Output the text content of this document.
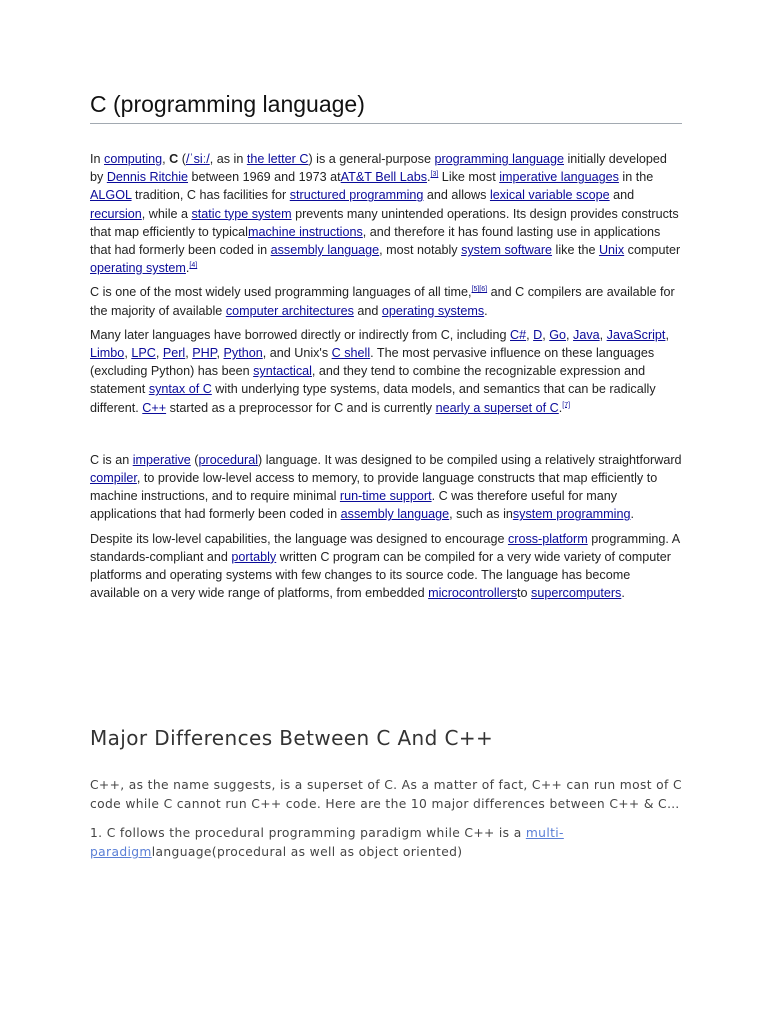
C (programming language)

In computing, C (/ˈsiː/, as in the letter C) is a general-purpose programming language initially developed by Dennis Ritchie between 1969 and 1973 atAT&T Bell Labs.[3] Like most imperative languages in the ALGOL tradition, C has facilities for structured programming and allows lexical variable scope and recursion, while a static type system prevents many unintended operations. Its design provides constructs that map efficiently to typicalmachine instructions, and therefore it has found lasting use in applications that had formerly been coded in assembly language, most notably system software like the Unix computer operating system.[4]

C is one of the most widely used programming languages of all time,[5][6] and C compilers are available for the majority of available computer architectures and operating systems.

Many later languages have borrowed directly or indirectly from C, including C#, D, Go, Java, JavaScript, Limbo, LPC, Perl, PHP, Python, and Unix's C shell. The most pervasive influence on these languages (excluding Python) has been syntactical, and they tend to combine the recognizable expression and statement syntax of C with underlying type systems, data models, and semantics that can be radically different. C++ started as a preprocessor for C and is currently nearly a superset of C.[7]

C is an imperative (procedural) language. It was designed to be compiled using a relatively straightforward compiler, to provide low-level access to memory, to provide language constructs that map efficiently to machine instructions, and to require minimal run-time support. C was therefore useful for many applications that had formerly been coded in assembly language, such as insystem programming.

Despite its low-level capabilities, the language was designed to encourage cross-platform programming. A standards-compliant and portably written C program can be compiled for a very wide variety of computer platforms and operating systems with few changes to its source code. The language has become available on a very wide range of platforms, from embedded microcontrollersto supercomputers.

Major Differences Between C And C++

C++, as the name suggests, is a superset of C. As a matter of fact, C++ can run most of C code while C cannot run C++ code. Here are the 10 major differences between C++ & C…

1. C follows the procedural programming paradigm while C++ is a multi-paradigmlanguage(procedural as well as object oriented)
